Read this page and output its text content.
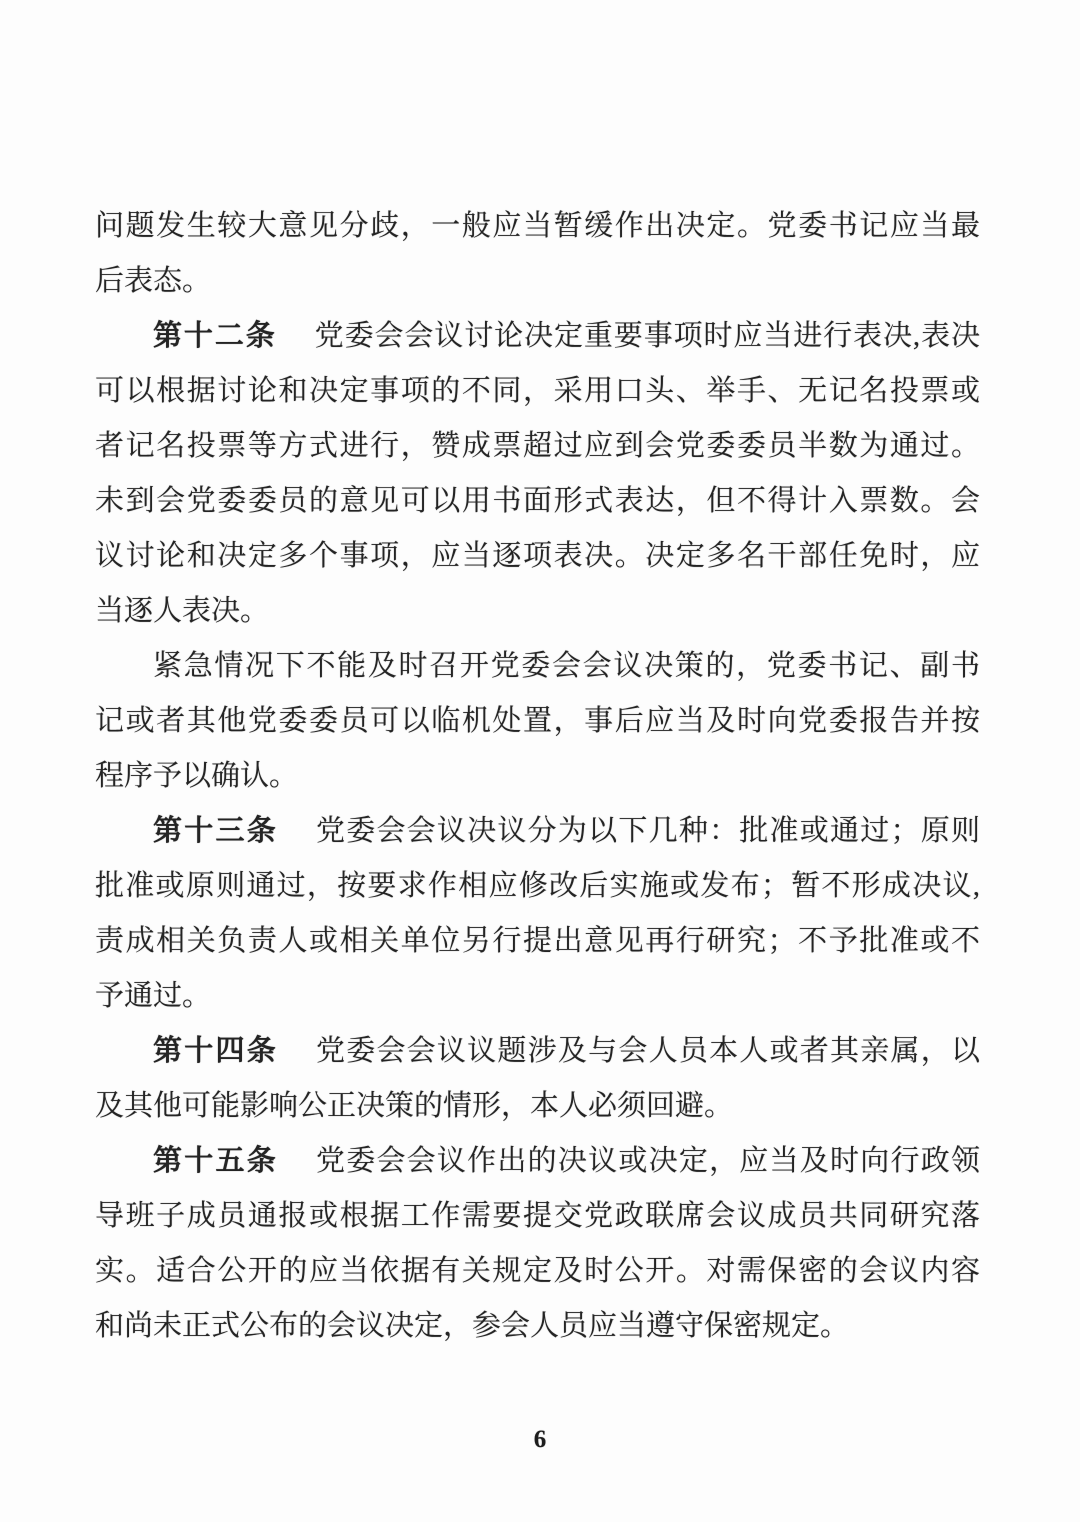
问题发生较大意见分歧，一般应当暂缓作出决定。党委书记应当最
后表态。
第十二条 党委会会议讨论决定重要事项时应当进行表决,表决
可以根据讨论和决定事项的不同，采用口头、举手、无记名投票或
者记名投票等方式进行，赞成票超过应到会党委委员半数为通过。
未到会党委委员的意见可以用书面形式表达，但不得计入票数。会
议讨论和决定多个事项，应当逐项表决。决定多名干部任免时，应
当逐人表决。
紧急情况下不能及时召开党委会会议决策的，党委书记、副书
记或者其他党委委员可以临机处置，事后应当及时向党委报告并按
程序予以确认。
第十三条 党委会会议决议分为以下几种：批准或通过；原则
批准或原则通过，按要求作相应修改后实施或发布；暂不形成决议,
责成相关负责人或相关单位另行提出意见再行研究；不予批准或不
予通过。
第十四条 党委会会议议题涉及与会人员本人或者其亲属，以
及其他可能影响公正决策的情形，本人必须回避。
第十五条 党委会会议作出的决议或决定，应当及时向行政领
导班子成员通报或根据工作需要提交党政联席会议成员共同研究落
实。适合公开的应当依据有关规定及时公开。对需保密的会议内容
和尚未正式公布的会议决定，参会人员应当遵守保密规定。
6
